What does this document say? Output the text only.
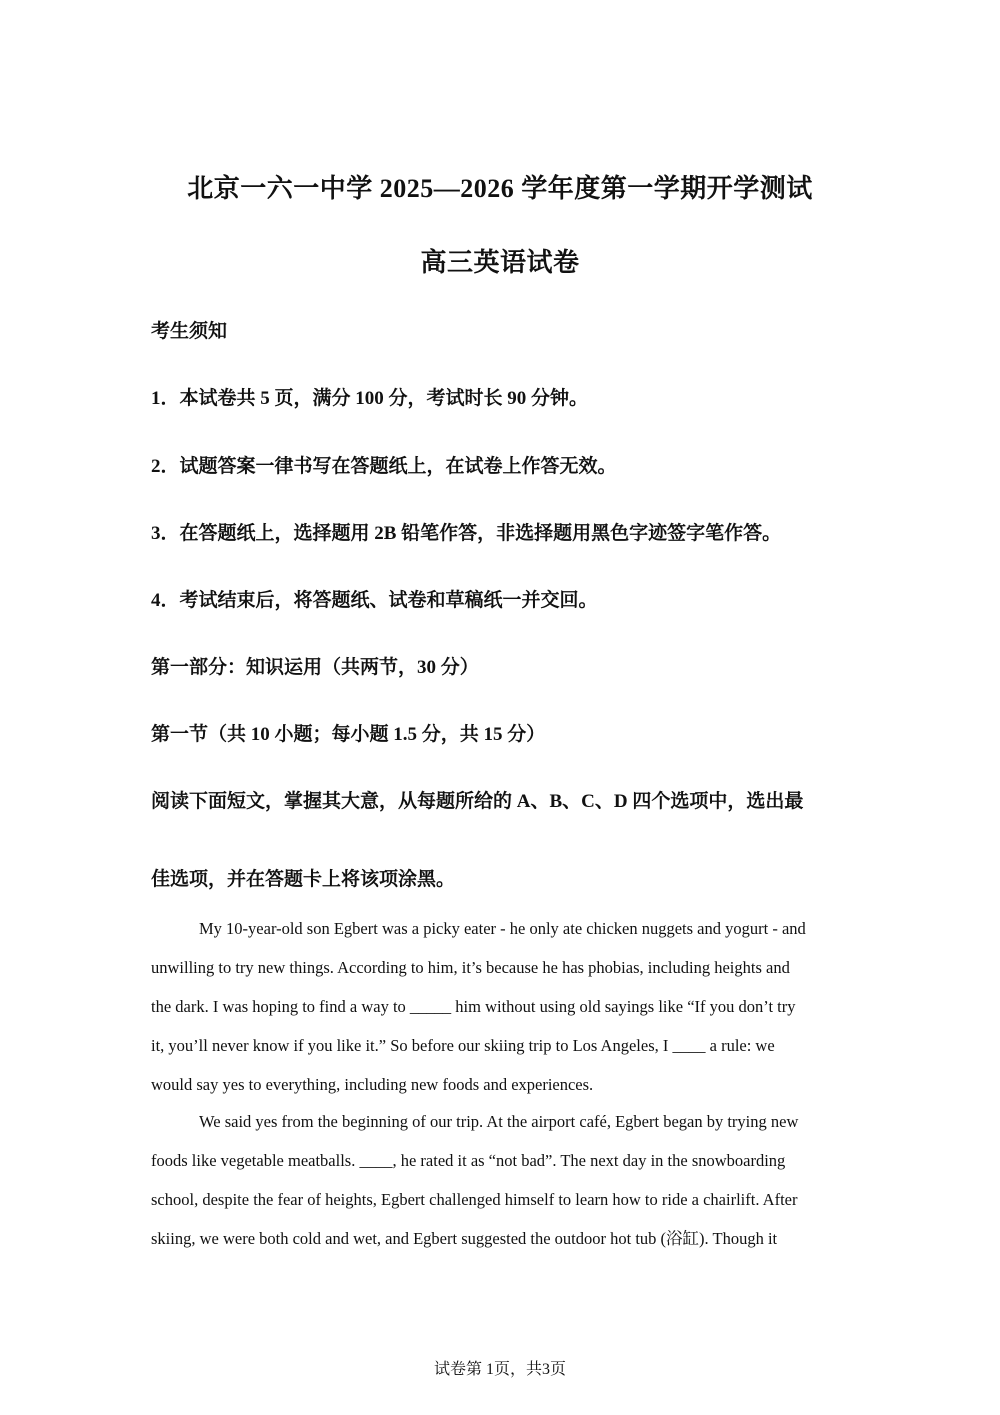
北京一六一中学 2025—2026 学年度第一学期开学测试
高三英语试卷
考生须知
1．本试卷共 5 页，满分 100 分，考试时长 90 分钟。
2．试题答案一律书写在答题纸上，在试卷上作答无效。
3．在答题纸上，选择题用 2B 铅笔作答，非选择题用黑色字迹签字笔作答。
4．考试结束后，将答题纸、试卷和草稿纸一并交回。
第一部分：知识运用（共两节，30 分）
第一节（共 10 小题；每小题 1.5 分，共 15 分）
阅读下面短文，掌握其大意，从每题所给的 A、B、C、D 四个选项中，选出最
佳选项，并在答题卡上将该项涂黑。
My 10-year-old son Egbert was a picky eater - he only ate chicken nuggets and yogurt - and
unwilling to try new things. According to him, it’s because he has phobias, including heights and
the dark. I was hoping to find a way to _____ him without using old sayings like “If you don’t try
it, you’ll never know if you like it.” So before our skiing trip to Los Angeles, I ____ a rule: we
would say yes to everything, including new foods and experiences.
We said yes from the beginning of our trip. At the airport café, Egbert began by trying new
foods like vegetable meatballs. ____, he rated it as “not bad”. The next day in the snowboarding
school, despite the fear of heights, Egbert challenged himself to learn how to ride a chairlift. After
skiing, we were both cold and wet, and Egbert suggested the outdoor hot tub (浴缸). Though it
试卷第 1页，共3页
